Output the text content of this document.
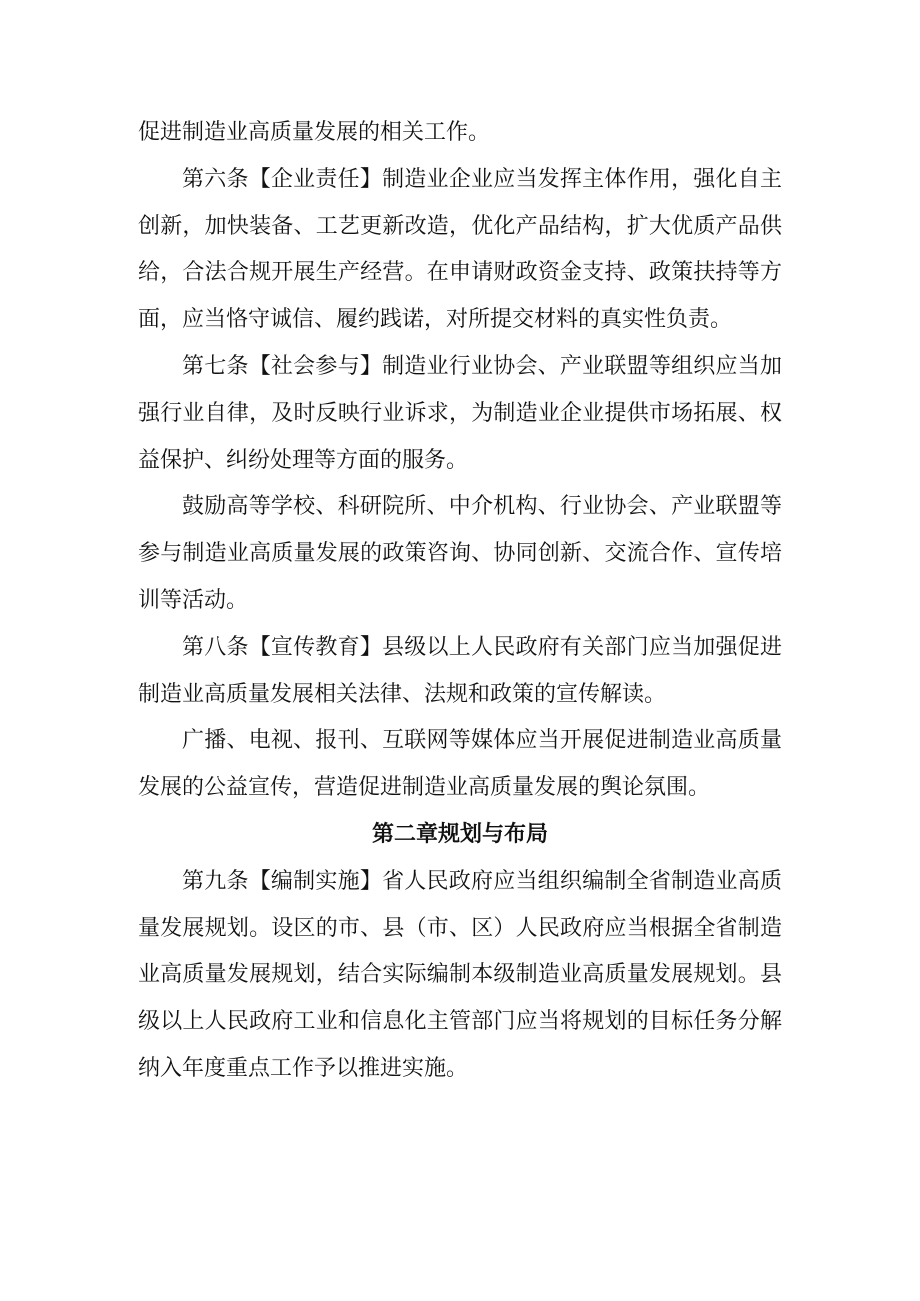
促进制造业高质量发展的相关工作。

第六条【企业责任】制造业企业应当发挥主体作用，强化自主创新，加快装备、工艺更新改造，优化产品结构，扩大优质产品供给，合法合规开展生产经营。在申请财政资金支持、政策扶持等方面，应当恪守诚信、履约践诺，对所提交材料的真实性负责。

第七条【社会参与】制造业行业协会、产业联盟等组织应当加强行业自律，及时反映行业诉求，为制造业企业提供市场拓展、权益保护、纠纷处理等方面的服务。

鼓励高等学校、科研院所、中介机构、行业协会、产业联盟等参与制造业高质量发展的政策咨询、协同创新、交流合作、宣传培训等活动。

第八条【宣传教育】县级以上人民政府有关部门应当加强促进制造业高质量发展相关法律、法规和政策的宣传解读。

广播、电视、报刊、互联网等媒体应当开展促进制造业高质量发展的公益宣传，营造促进制造业高质量发展的舆论氛围。

第二章规划与布局

第九条【编制实施】省人民政府应当组织编制全省制造业高质量发展规划。设区的市、县（市、区）人民政府应当根据全省制造业高质量发展规划，结合实际编制本级制造业高质量发展规划。县级以上人民政府工业和信息化主管部门应当将规划的目标任务分解纳入年度重点工作予以推进实施。
